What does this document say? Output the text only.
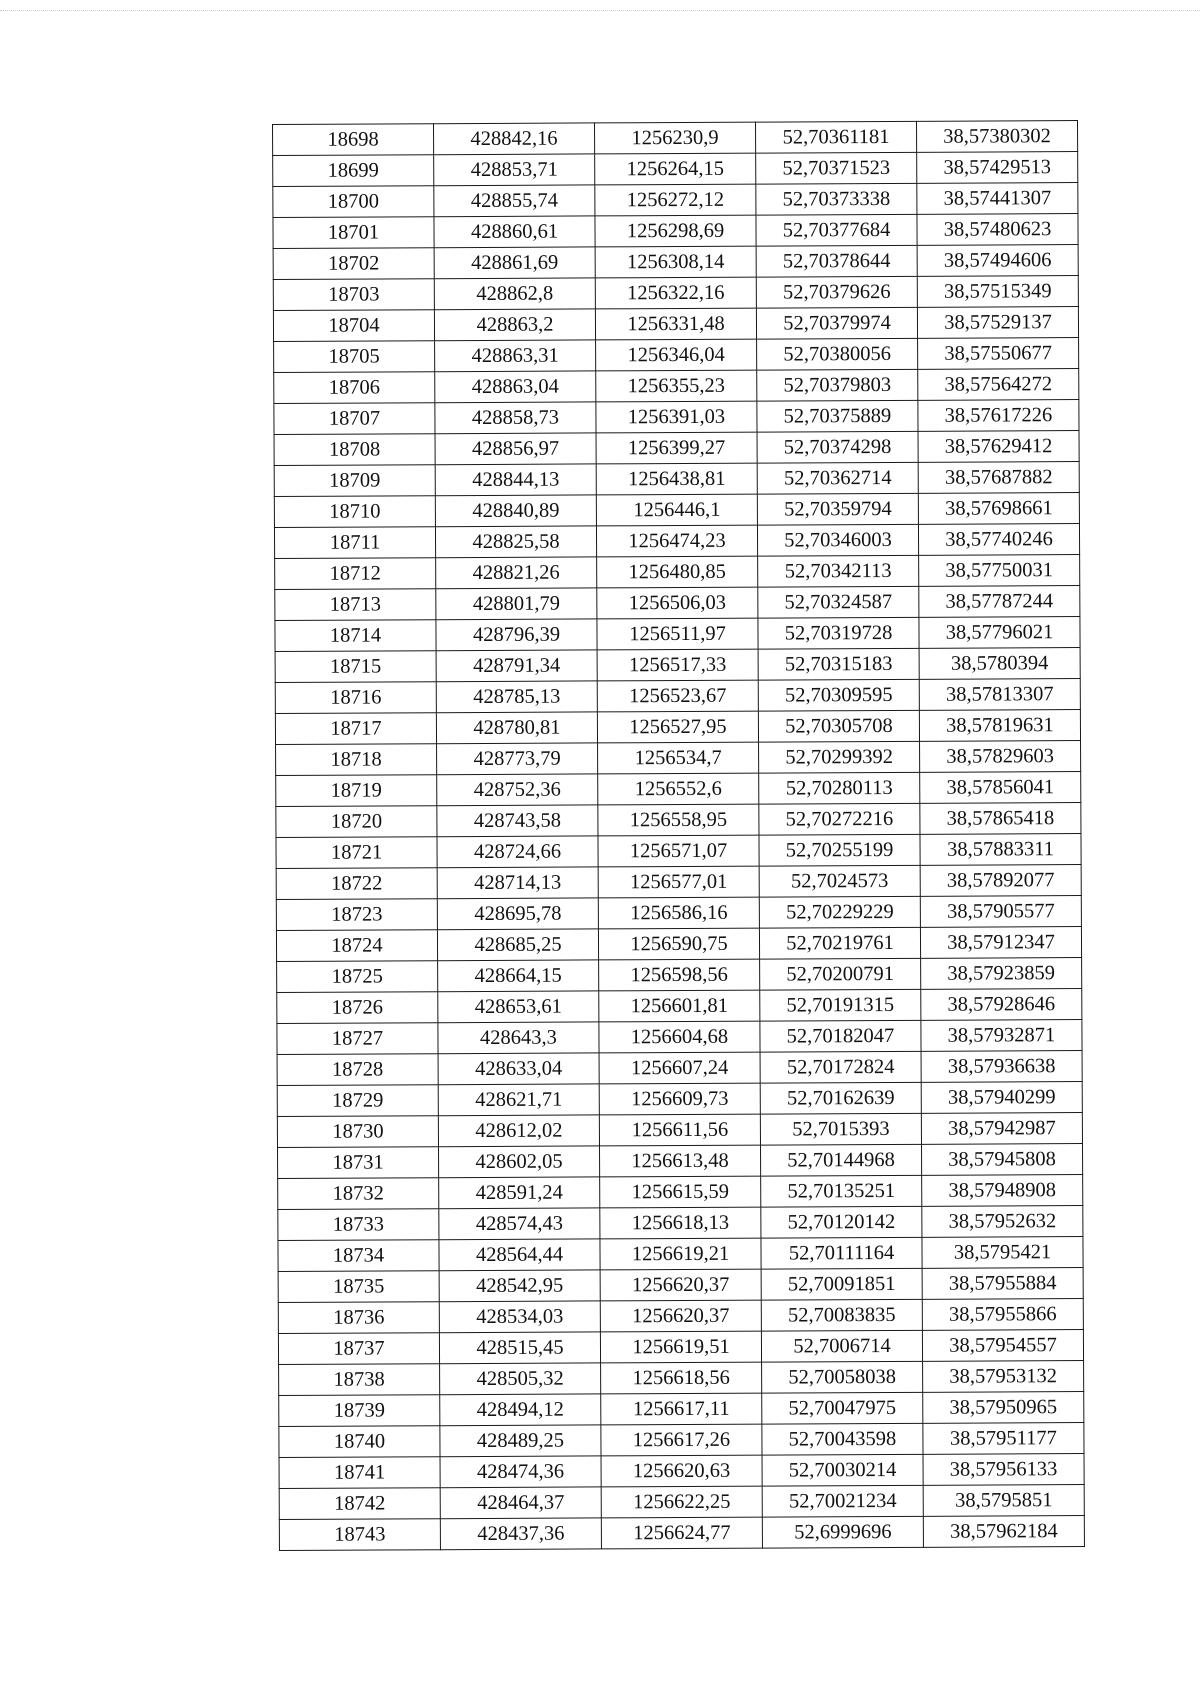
18698	428842,16	1256230,9	52,70361181	38,57380302
18699	428853,71	1256264,15	52,70371523	38,57429513
18700	428855,74	1256272,12	52,70373338	38,57441307
18701	428860,61	1256298,69	52,70377684	38,57480623
18702	428861,69	1256308,14	52,70378644	38,57494606
18703	428862,8	1256322,16	52,70379626	38,57515349
18704	428863,2	1256331,48	52,70379974	38,57529137
18705	428863,31	1256346,04	52,70380056	38,57550677
18706	428863,04	1256355,23	52,70379803	38,57564272
18707	428858,73	1256391,03	52,70375889	38,57617226
18708	428856,97	1256399,27	52,70374298	38,57629412
18709	428844,13	1256438,81	52,70362714	38,57687882
18710	428840,89	1256446,1	52,70359794	38,57698661
18711	428825,58	1256474,23	52,70346003	38,57740246
18712	428821,26	1256480,85	52,70342113	38,57750031
18713	428801,79	1256506,03	52,70324587	38,57787244
18714	428796,39	1256511,97	52,70319728	38,57796021
18715	428791,34	1256517,33	52,70315183	38,5780394
18716	428785,13	1256523,67	52,70309595	38,57813307
18717	428780,81	1256527,95	52,70305708	38,57819631
18718	428773,79	1256534,7	52,70299392	38,57829603
18719	428752,36	1256552,6	52,70280113	38,57856041
18720	428743,58	1256558,95	52,70272216	38,57865418
18721	428724,66	1256571,07	52,70255199	38,57883311
18722	428714,13	1256577,01	52,7024573	38,57892077
18723	428695,78	1256586,16	52,70229229	38,57905577
18724	428685,25	1256590,75	52,70219761	38,57912347
18725	428664,15	1256598,56	52,70200791	38,57923859
18726	428653,61	1256601,81	52,70191315	38,57928646
18727	428643,3	1256604,68	52,70182047	38,57932871
18728	428633,04	1256607,24	52,70172824	38,57936638
18729	428621,71	1256609,73	52,70162639	38,57940299
18730	428612,02	1256611,56	52,7015393	38,57942987
18731	428602,05	1256613,48	52,70144968	38,57945808
18732	428591,24	1256615,59	52,70135251	38,57948908
18733	428574,43	1256618,13	52,70120142	38,57952632
18734	428564,44	1256619,21	52,70111164	38,5795421
18735	428542,95	1256620,37	52,70091851	38,57955884
18736	428534,03	1256620,37	52,70083835	38,57955866
18737	428515,45	1256619,51	52,7006714	38,57954557
18738	428505,32	1256618,56	52,70058038	38,57953132
18739	428494,12	1256617,11	52,70047975	38,57950965
18740	428489,25	1256617,26	52,70043598	38,57951177
18741	428474,36	1256620,63	52,70030214	38,57956133
18742	428464,37	1256622,25	52,70021234	38,5795851
18743	428437,36	1256624,77	52,6999696	38,57962184
